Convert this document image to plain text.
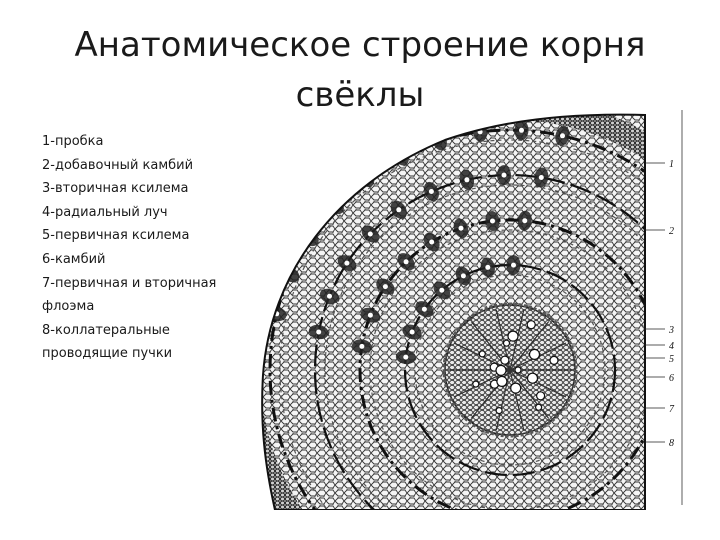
Анатомическое строение корня
свёклы
1-пробка
2-добавочный камбий
3-вторичная ксилема
4-радиальный луч
5-первичная ксилема
6-камбий
7-первичная и вторичная
флоэма
8-коллатеральные
проводящие пучки
1
2
3
4
5
6
7
8
